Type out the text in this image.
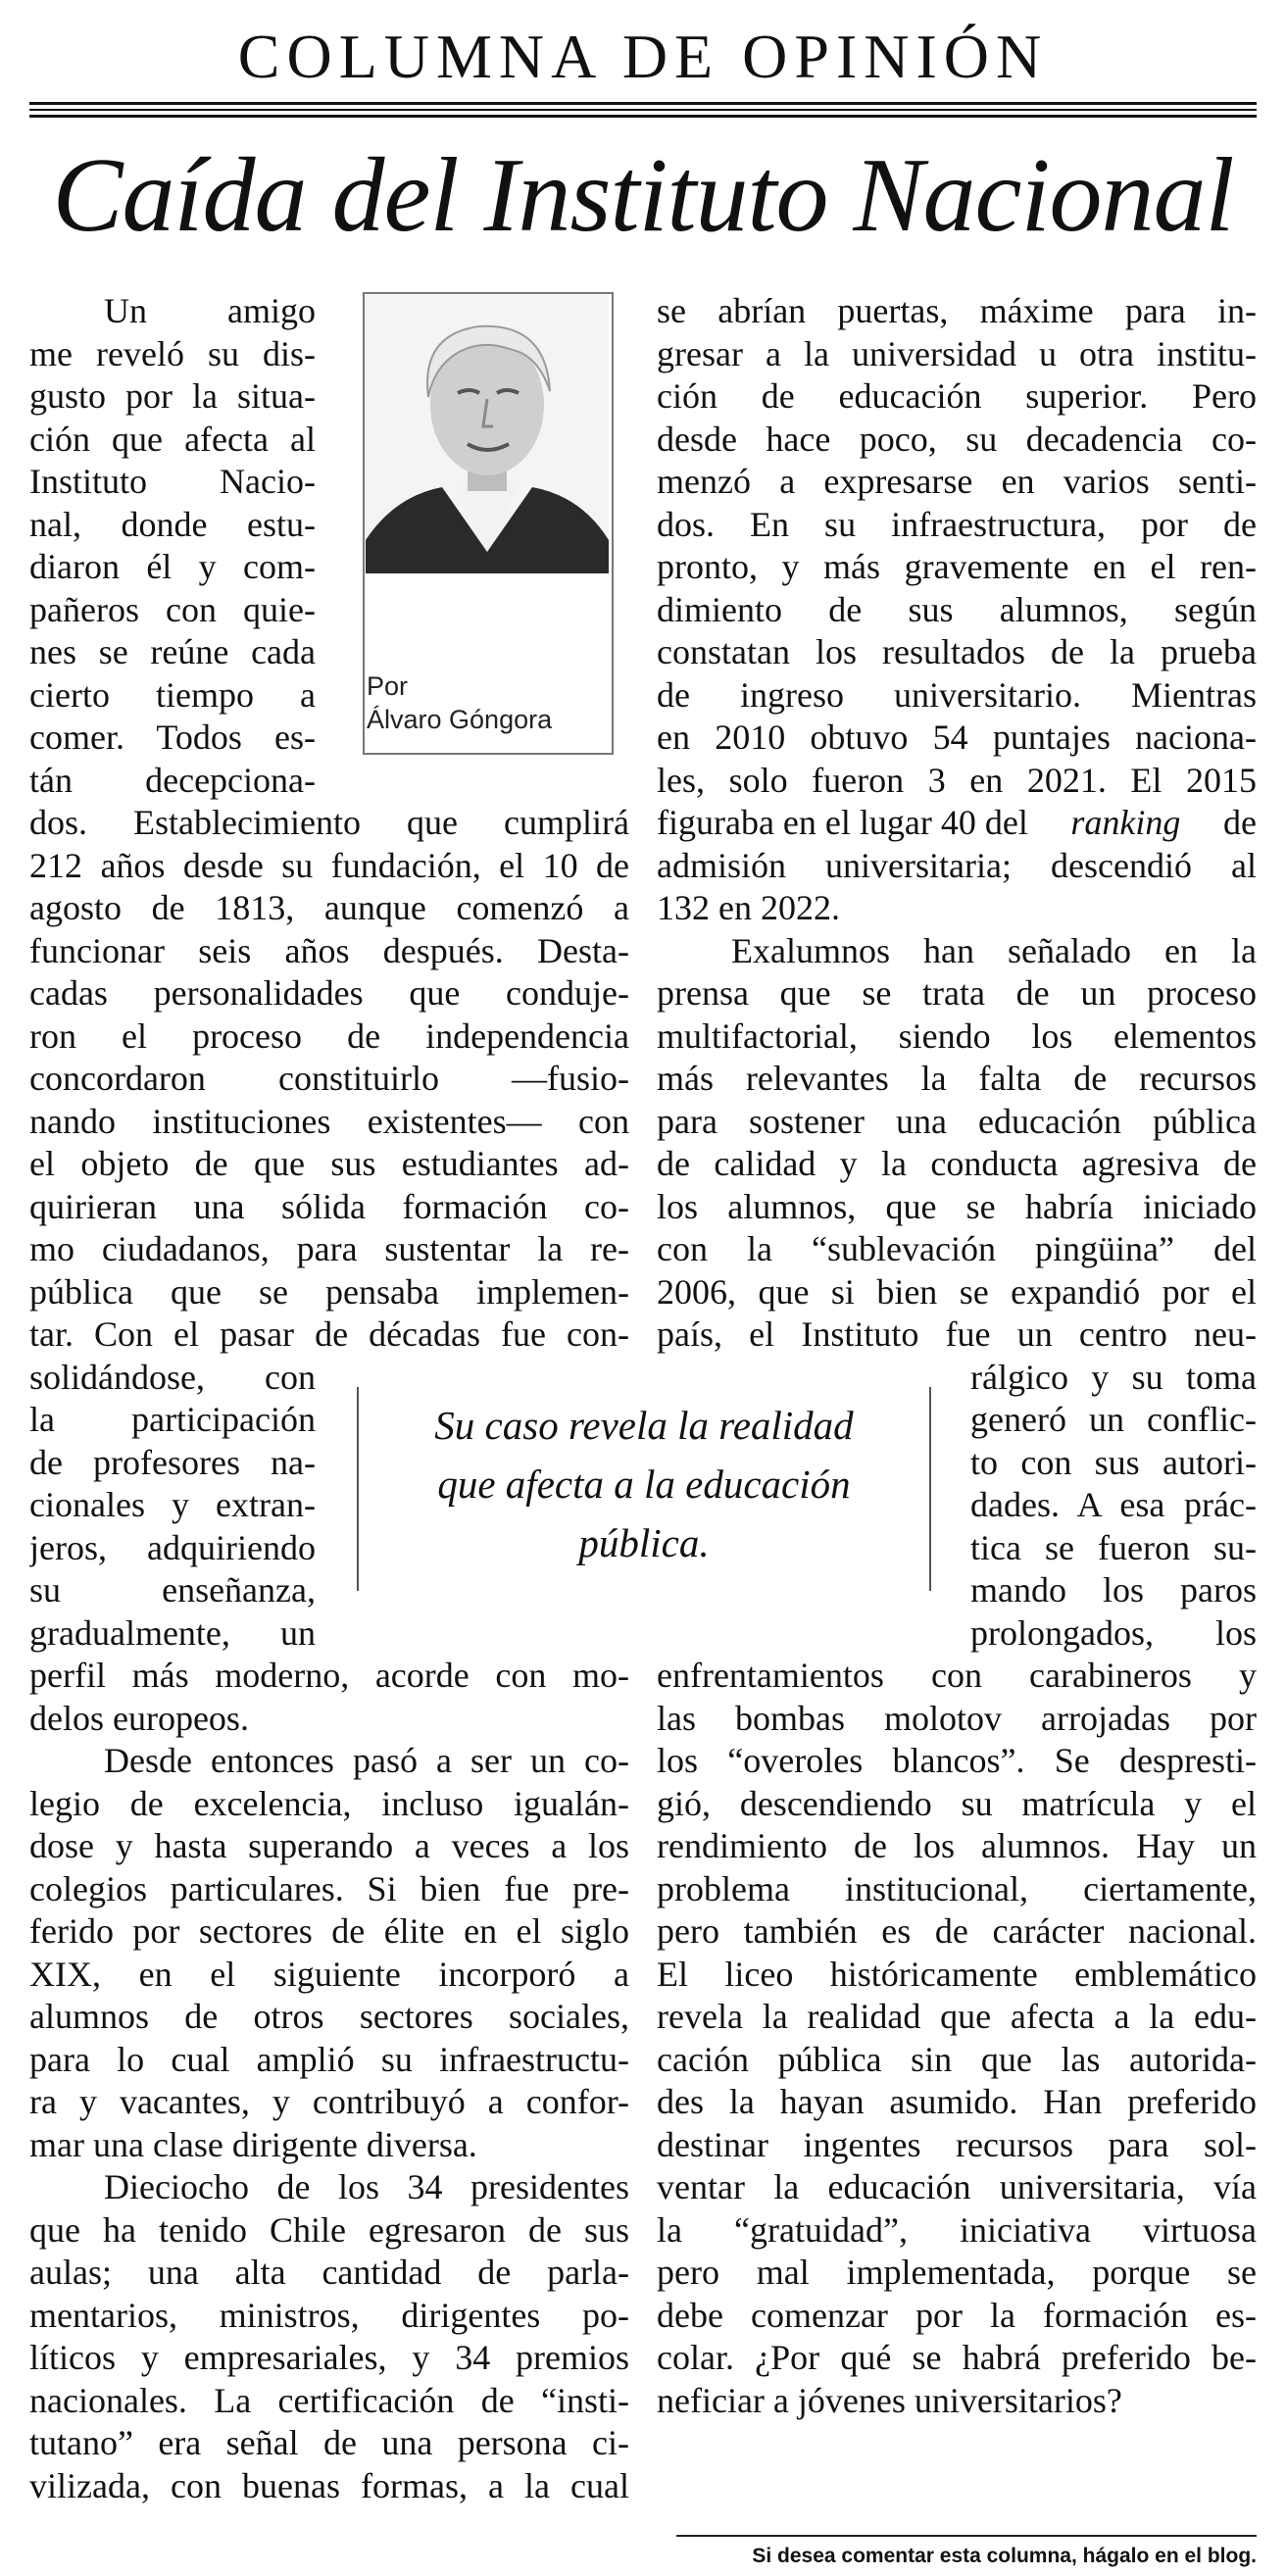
COLUMNA DE OPINIÓN
Caída del Instituto Nacional
Por
Álvaro Góngora
Un amigo
me reveló su dis-
gusto por la situa-
ción que afecta al
Instituto Nacio-
nal, donde estu-
diaron él y com-
pañeros con quie-
nes se reúne cada
cierto tiempo a
comer. Todos es-
tán decepciona-
dos. Establecimiento que cumplirá
212 años desde su fundación, el 10 de
agosto de 1813, aunque comenzó a
funcionar seis años después. Desta-
cadas personalidades que conduje-
ron el proceso de independencia
concordaron constituirlo —fusio-
nando instituciones existentes— con
el objeto de que sus estudiantes ad-
quirieran una sólida formación co-
mo ciudadanos, para sustentar la re-
pública que se pensaba implemen-
tar. Con el pasar de décadas fue con-
solidándose, con
la participación
de profesores na-
cionales y extran-
jeros, adquiriendo
su enseñanza,
gradualmente, un
perfil más moderno, acorde con mo-
delos europeos.
Desde entonces pasó a ser un co-
legio de excelencia, incluso igualán-
dose y hasta superando a veces a los
colegios particulares. Si bien fue pre-
ferido por sectores de élite en el siglo
XIX, en el siguiente incorporó a
alumnos de otros sectores sociales,
para lo cual amplió su infraestructu-
ra y vacantes, y contribuyó a confor-
mar una clase dirigente diversa.
Dieciocho de los 34 presidentes
que ha tenido Chile egresaron de sus
aulas; una alta cantidad de parla-
mentarios, ministros, dirigentes po-
líticos y empresariales, y 34 premios
nacionales. La certificación de “insti-
tutano” era señal de una persona ci-
vilizada, con buenas formas, a la cual
se abrían puertas, máxime para in-
gresar a la universidad u otra institu-
ción de educación superior. Pero
desde hace poco, su decadencia co-
menzó a expresarse en varios senti-
dos. En su infraestructura, por de
pronto, y más gravemente en el ren-
dimiento de sus alumnos, según
constatan los resultados de la prueba
de ingreso universitario. Mientras
en 2010 obtuvo 54 puntajes naciona-
les, solo fueron 3 en 2021. El 2015
figuraba en el lugar 40 del ranking de
admisión universitaria; descendió al
132 en 2022.
Exalumnos han señalado en la
prensa que se trata de un proceso
multifactorial, siendo los elementos
más relevantes la falta de recursos
para sostener una educación pública
de calidad y la conducta agresiva de
los alumnos, que se habría iniciado
con la “sublevación pingüina” del
2006, que si bien se expandió por el
país, el Instituto fue un centro neu-
rálgico y su toma
generó un conflic-
to con sus autori-
dades. A esa prác-
tica se fueron su-
mando los paros
prolongados, los
enfrentamientos con carabineros y
las bombas molotov arrojadas por
los “overoles blancos”. Se despresti-
gió, descendiendo su matrícula y el
rendimiento de los alumnos. Hay un
problema institucional, ciertamente,
pero también es de carácter nacional.
El liceo históricamente emblemático
revela la realidad que afecta a la edu-
cación pública sin que las autorida-
des la hayan asumido. Han preferido
destinar ingentes recursos para sol-
ventar la educación universitaria, vía
la “gratuidad”, iniciativa virtuosa
pero mal implementada, porque se
debe comenzar por la formación es-
colar. ¿Por qué se habrá preferido be-
neficiar a jóvenes universitarios?
Su caso revela la realidad
que afecta a la educación
pública.
Si desea comentar esta columna, hágalo en el blog.
